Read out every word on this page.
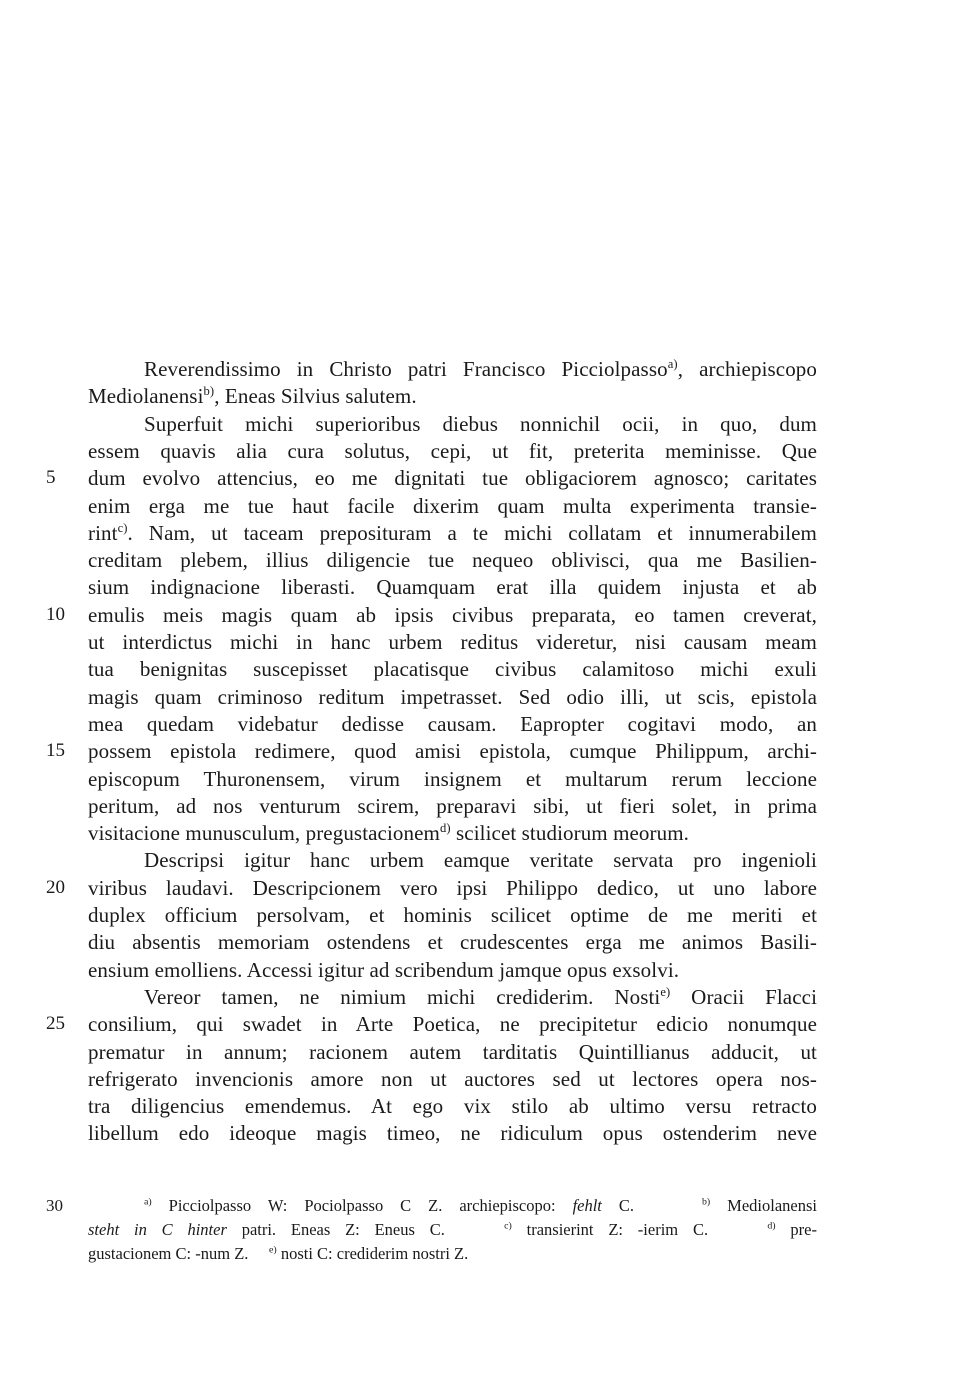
Reverendissimo in Christo patri Francisco Picciolpasso$^{a)}$, archiepiscopo
Mediolanensi$^{b)}$, Eneas Silvius salutem.
Superfuit michi superioribus diebus nonnichil ocii, in quo, dum
essem quavis alia cura solutus, cepi, ut fit, preterita meminisse. Que
dum evolvo attencius, eo me dignitati tue obligaciorem agnosco; caritates
5
enim erga me tue haut facile dixerim quam multa experimenta transie-
rint$^{c)}$. Nam, ut taceam preposituram a te michi collatam et innumerabilem
creditam plebem, illius diligencie tue nequeo oblivisci, qua me Basilien-
sium indignacione liberasti. Quamquam erat illa quidem injusta et ab
emulis meis magis quam ab ipsis civibus preparata, eo tamen creverat,
10
ut interdictus michi in hanc urbem reditus videretur, nisi causam meam
tua benignitas suscepisset placatisque civibus calamitoso michi exuli
magis quam criminoso reditum impetrasset. Sed odio illi, ut scis, epistola
mea quedam videbatur dedisse causam. Eapropter cogitavi modo, an
possem epistola redimere, quod amisi epistola, cumque Philippum, archi-
15
episcopum Thuronensem, virum insignem et multarum rerum leccione
peritum, ad nos venturum scirem, preparavi sibi, ut fieri solet, in prima
visitacione munusculum, pregustacionem$^{d)}$ scilicet studiorum meorum.
Descripsi igitur hanc urbem eamque veritate servata pro ingenioli
viribus laudavi. Descripcionem vero ipsi Philippo dedico, ut uno labore
20
duplex officium persolvam, et hominis scilicet optime de me meriti et
diu absentis memoriam ostendens et crudescentes erga me animos Basili-
ensium emolliens. Accessi igitur ad scribendum jamque opus exsolvi.
Vereor tamen, ne nimium michi crediderim. Nosti$^{e)}$ Oracii Flacci
consilium, qui swadet in Arte Poetica, ne precipitetur edicio nonumque
25
prematur in annum; racionem autem tarditatis Quintillianus adducit, ut
refrigerato invencionis amore non ut auctores sed ut lectores opera nos-
tra diligencius emendemus. At ego vix stilo ab ultimo versu retracto
libellum edo ideoque magis timeo, ne ridiculum opus ostenderim neve
$^{a)}$ Picciolpasso W: Pociolpasso C Z. archiepiscopo: fehlt C.    $^{b)}$ Mediolanensi
30
steht in C hinter patri. Eneas Z: Eneus C.    $^{c)}$ transierint Z: -ierim C.    $^{d)}$ pre-
gustacionem C: -num Z.     $^{e)}$ nosti C: crediderim nostri Z.
